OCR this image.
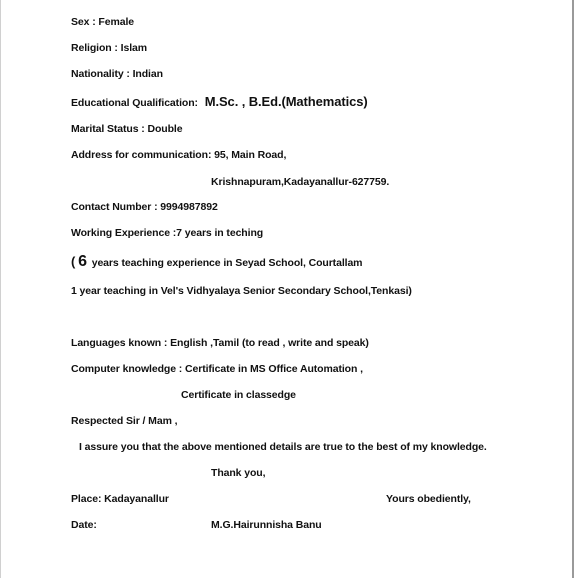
Sex : Female
Religion : Islam
Nationality : Indian
Educational Qualification: M.Sc. , B.Ed.(Mathematics)
Marital Status : Double
Address for communication: 95, Main Road,
Krishnapuram,Kadayanallur-627759.
Contact Number : 9994987892
Working Experience :7 years in teching
( 6 years teaching experience in Seyad School, Courtallam
1 year teaching in Vel's Vidhyalaya Senior Secondary School,Tenkasi)
Languages known : English ,Tamil (to read , write and speak)
Computer knowledge : Certificate in MS Office Automation ,
Certificate in classedge
Respected Sir / Mam ,
I assure you that the above mentioned details are true to the best of my knowledge.
Thank you,
Place: Kadayanallur	Yours obediently,
Date:	M.G.Hairunnisha Banu
